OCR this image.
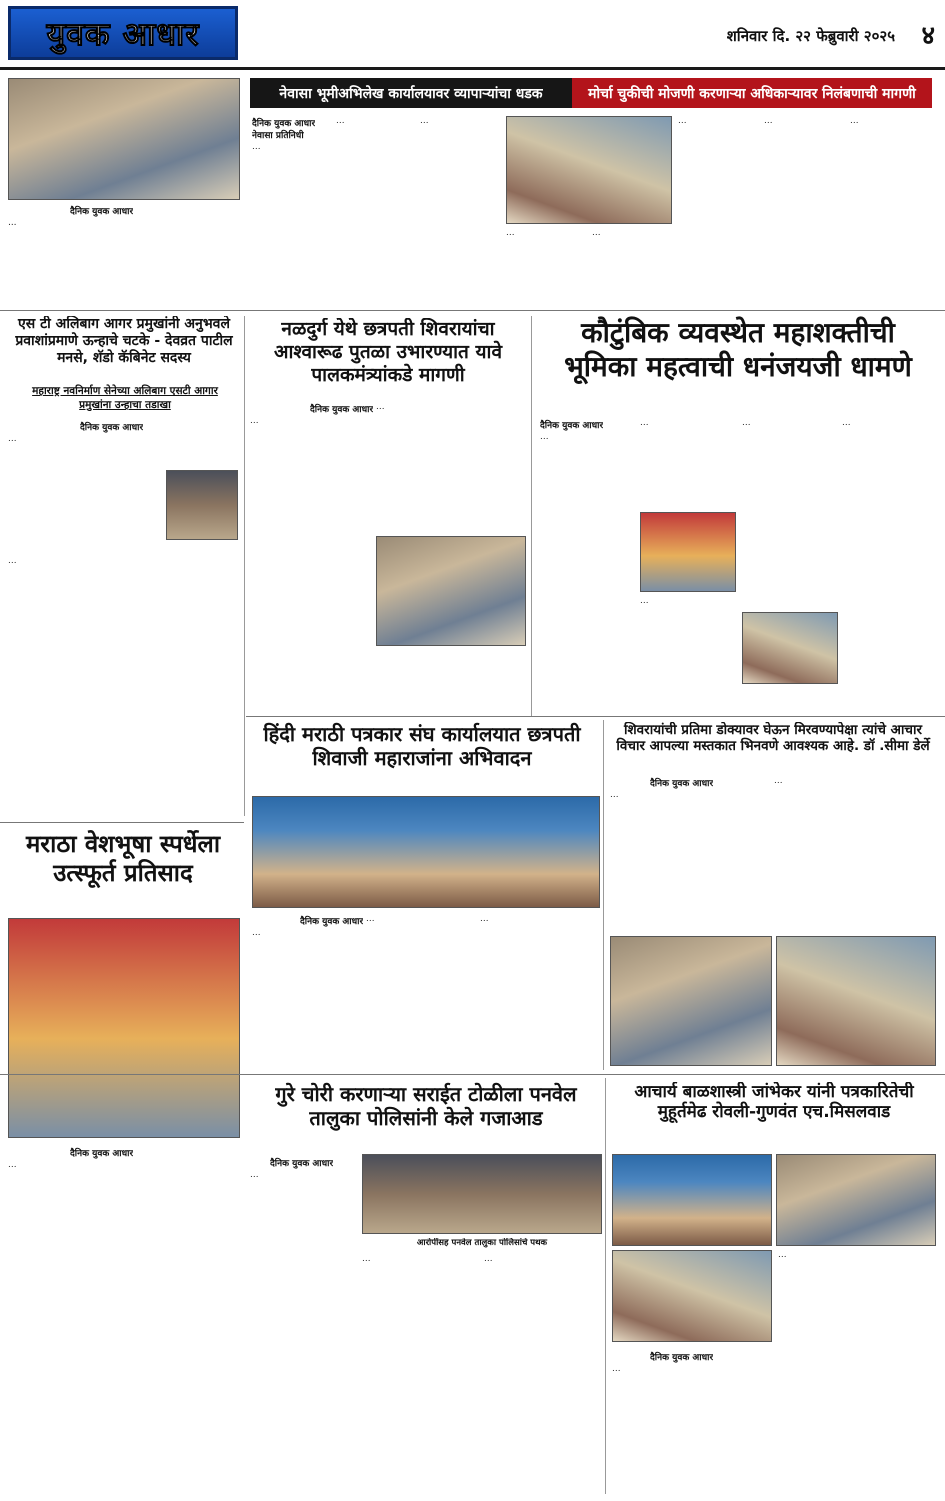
युवक आधार	शनिवार दि. २२ फेब्रुवारी २०२५ ४
नेवासा भूमीअभिलेख कार्यालयावर व्यापाऱ्यांचा धडक	मोर्चा चुकीची मोजणी करणाऱ्या अधिकाऱ्यावर निलंबणाची मागणी
दैनिक युवक आधार
…
दैनिक युवक आधार
नेवासा प्रतिनिधी
…
…	…
…	…
…	…	…
एस टी अलिबाग आगर प्रमुखांनी अनुभवले प्रवाशांप्रमाणे ऊन्हाचे चटके - देवव्रत पाटील मनसे, शॅडो कॅबिनेट सदस्य
महाराष्ट्र नवनिर्माण सेनेच्या अलिबाग एसटी आगार प्रमुखांना उन्हाचा तडाखा
दैनिक युवक आधार
…
…
नळदुर्ग येथे छत्रपती शिवरायांचा आश्वारूढ पुतळा उभारण्यात यावे पालकमंत्र्यांकडे मागणी
दैनिक युवक आधार
…
…
कौटुंबिक व्यवस्थेत महाशक्तीची भूमिका महत्वाची धनंजयजी धामणे
दैनिक युवक आधार
…
…
…
…	…
हिंदी मराठी पत्रकार संघ कार्यालयात छत्रपती शिवाजी महाराजांना अभिवादन
दैनिक युवक आधार
…
…	…
शिवरायांची प्रतिमा डोक्यावर घेऊन मिरवण्यापेक्षा त्यांचे आचार विचार आपल्या मस्तकात भिनवणे आवश्यक आहे. डॉ .सीमा डेर्ले
दैनिक युवक आधार
…
…
मराठा वेशभूषा स्पर्धेला उत्स्फूर्त प्रतिसाद
गुरे चोरी करणाऱ्या सराईत टोळीला पनवेल तालुका पोलिसांनी केले गजाआड
दैनिक युवक आधार
…	दैनिक युवक आधार
…
आरोपींसह पनवेल तालुका पोलिसांचे पथक
…	…
आचार्य बाळशास्त्री जांभेकर यांनी पत्रकारितेची मुहूर्तमेढ रोवली-गुणवंत एच.मिसलवाड
दैनिक युवक आधार
…
…
